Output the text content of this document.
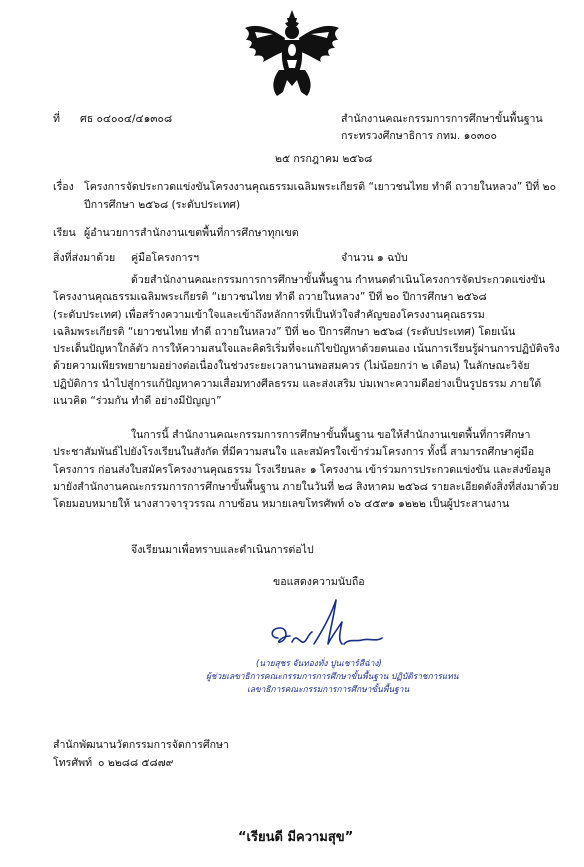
ที่ ศธ ๐๔๐๐๔/๔๑๓๐๘	สำนักงานคณะกรรมการการศึกษาขั้นพื้นฐาน
กระทรวงศึกษาธิการ กทม. ๑๐๓๐๐
๒๕ กรกฎาคม ๒๕๖๘
เรื่อง โครงการจัดประกวดแข่งขันโครงงานคุณธรรมเฉลิมพระเกียรติ “เยาวชนไทย ทำดี ถวายในหลวง” ปีที่ ๒๐
ปีการศึกษา ๒๕๖๘ (ระดับประเทศ)
เรียน ผู้อำนวยการสำนักงานเขตพื้นที่การศึกษาทุกเขต
สิ่งที่ส่งมาด้วย คู่มือโครงการฯ	จำนวน ๑ ฉบับ
ด้วยสำนักงานคณะกรรมการการศึกษาขั้นพื้นฐาน กำหนดดำเนินโครงการจัดประกวดแข่งขัน
โครงงานคุณธรรมเฉลิมพระเกียรติ “เยาวชนไทย ทำดี ถวายในหลวง” ปีที่ ๒๐ ปีการศึกษา ๒๕๖๘
(ระดับประเทศ) เพื่อสร้างความเข้าใจและเข้าถึงหลักการที่เป็นหัวใจสำคัญของโครงงานคุณธรรม
เฉลิมพระเกียรติ “เยาวชนไทย ทำดี ถวายในหลวง” ปีที่ ๒๐ ปีการศึกษา ๒๕๖๘ (ระดับประเทศ) โดยเน้น
ประเด็นปัญหาใกล้ตัว การให้ความสนใจและคิดริเริ่มที่จะแก้ไขปัญหาด้วยตนเอง เน้นการเรียนรู้ผ่านการปฏิบัติจริง
ด้วยความเพียรพยายามอย่างต่อเนื่องในช่วงระยะเวลานานพอสมควร (ไม่น้อยกว่า ๒ เดือน) ในลักษณะวิจัย
ปฏิบัติการ นำไปสู่การแก้ปัญหาความเสื่อมทางศีลธรรม และส่งเสริม บ่มเพาะความดีอย่างเป็นรูปธรรม ภายใต้
แนวคิด “ร่วมกัน ทำดี อย่างมีปัญญา”
ในการนี้ สำนักงานคณะกรรมการการศึกษาขั้นพื้นฐาน ขอให้สำนักงานเขตพื้นที่การศึกษา
ประชาสัมพันธ์ไปยังโรงเรียนในสังกัด ที่มีความสนใจ และสมัครใจเข้าร่วมโครงการ ทั้งนี้ สามารถศึกษาคู่มือ
โครงการ ก่อนส่งใบสมัครโครงงานคุณธรรม โรงเรียนละ ๑ โครงงาน เข้าร่วมการประกวดแข่งขัน และส่งข้อมูล
มายังสำนักงานคณะกรรมการการศึกษาขั้นพื้นฐาน ภายในวันที่ ๒๘ สิงหาคม ๒๕๖๘ รายละเอียดดังสิ่งที่ส่งมาด้วย
โดยมอบหมายให้ นางสาวจารุวรรณ กาบซ้อน หมายเลขโทรศัพท์ ๐๖ ๔๕๙๑ ๑๒๒๒ เป็นผู้ประสานงาน
จึงเรียนมาเพื่อทราบและดำเนินการต่อไป
ขอแสดงความนับถือ
(นายสุชร จันทองทั่ง ปูนเชาร์สีฉ่าง)
ผู้ช่วยเลขาธิการคณะกรรมการการศึกษาขั้นพื้นฐาน ปฏิบัติราชการแทน
เลขาธิการคณะกรรมการการศึกษาขั้นพื้นฐาน
สำนักพัฒนานวัตกรรมการจัดการศึกษา
โทรศัพท์ ๐ ๒๒๘๘ ๕๘๗๙
“เรียนดี มีความสุข”
